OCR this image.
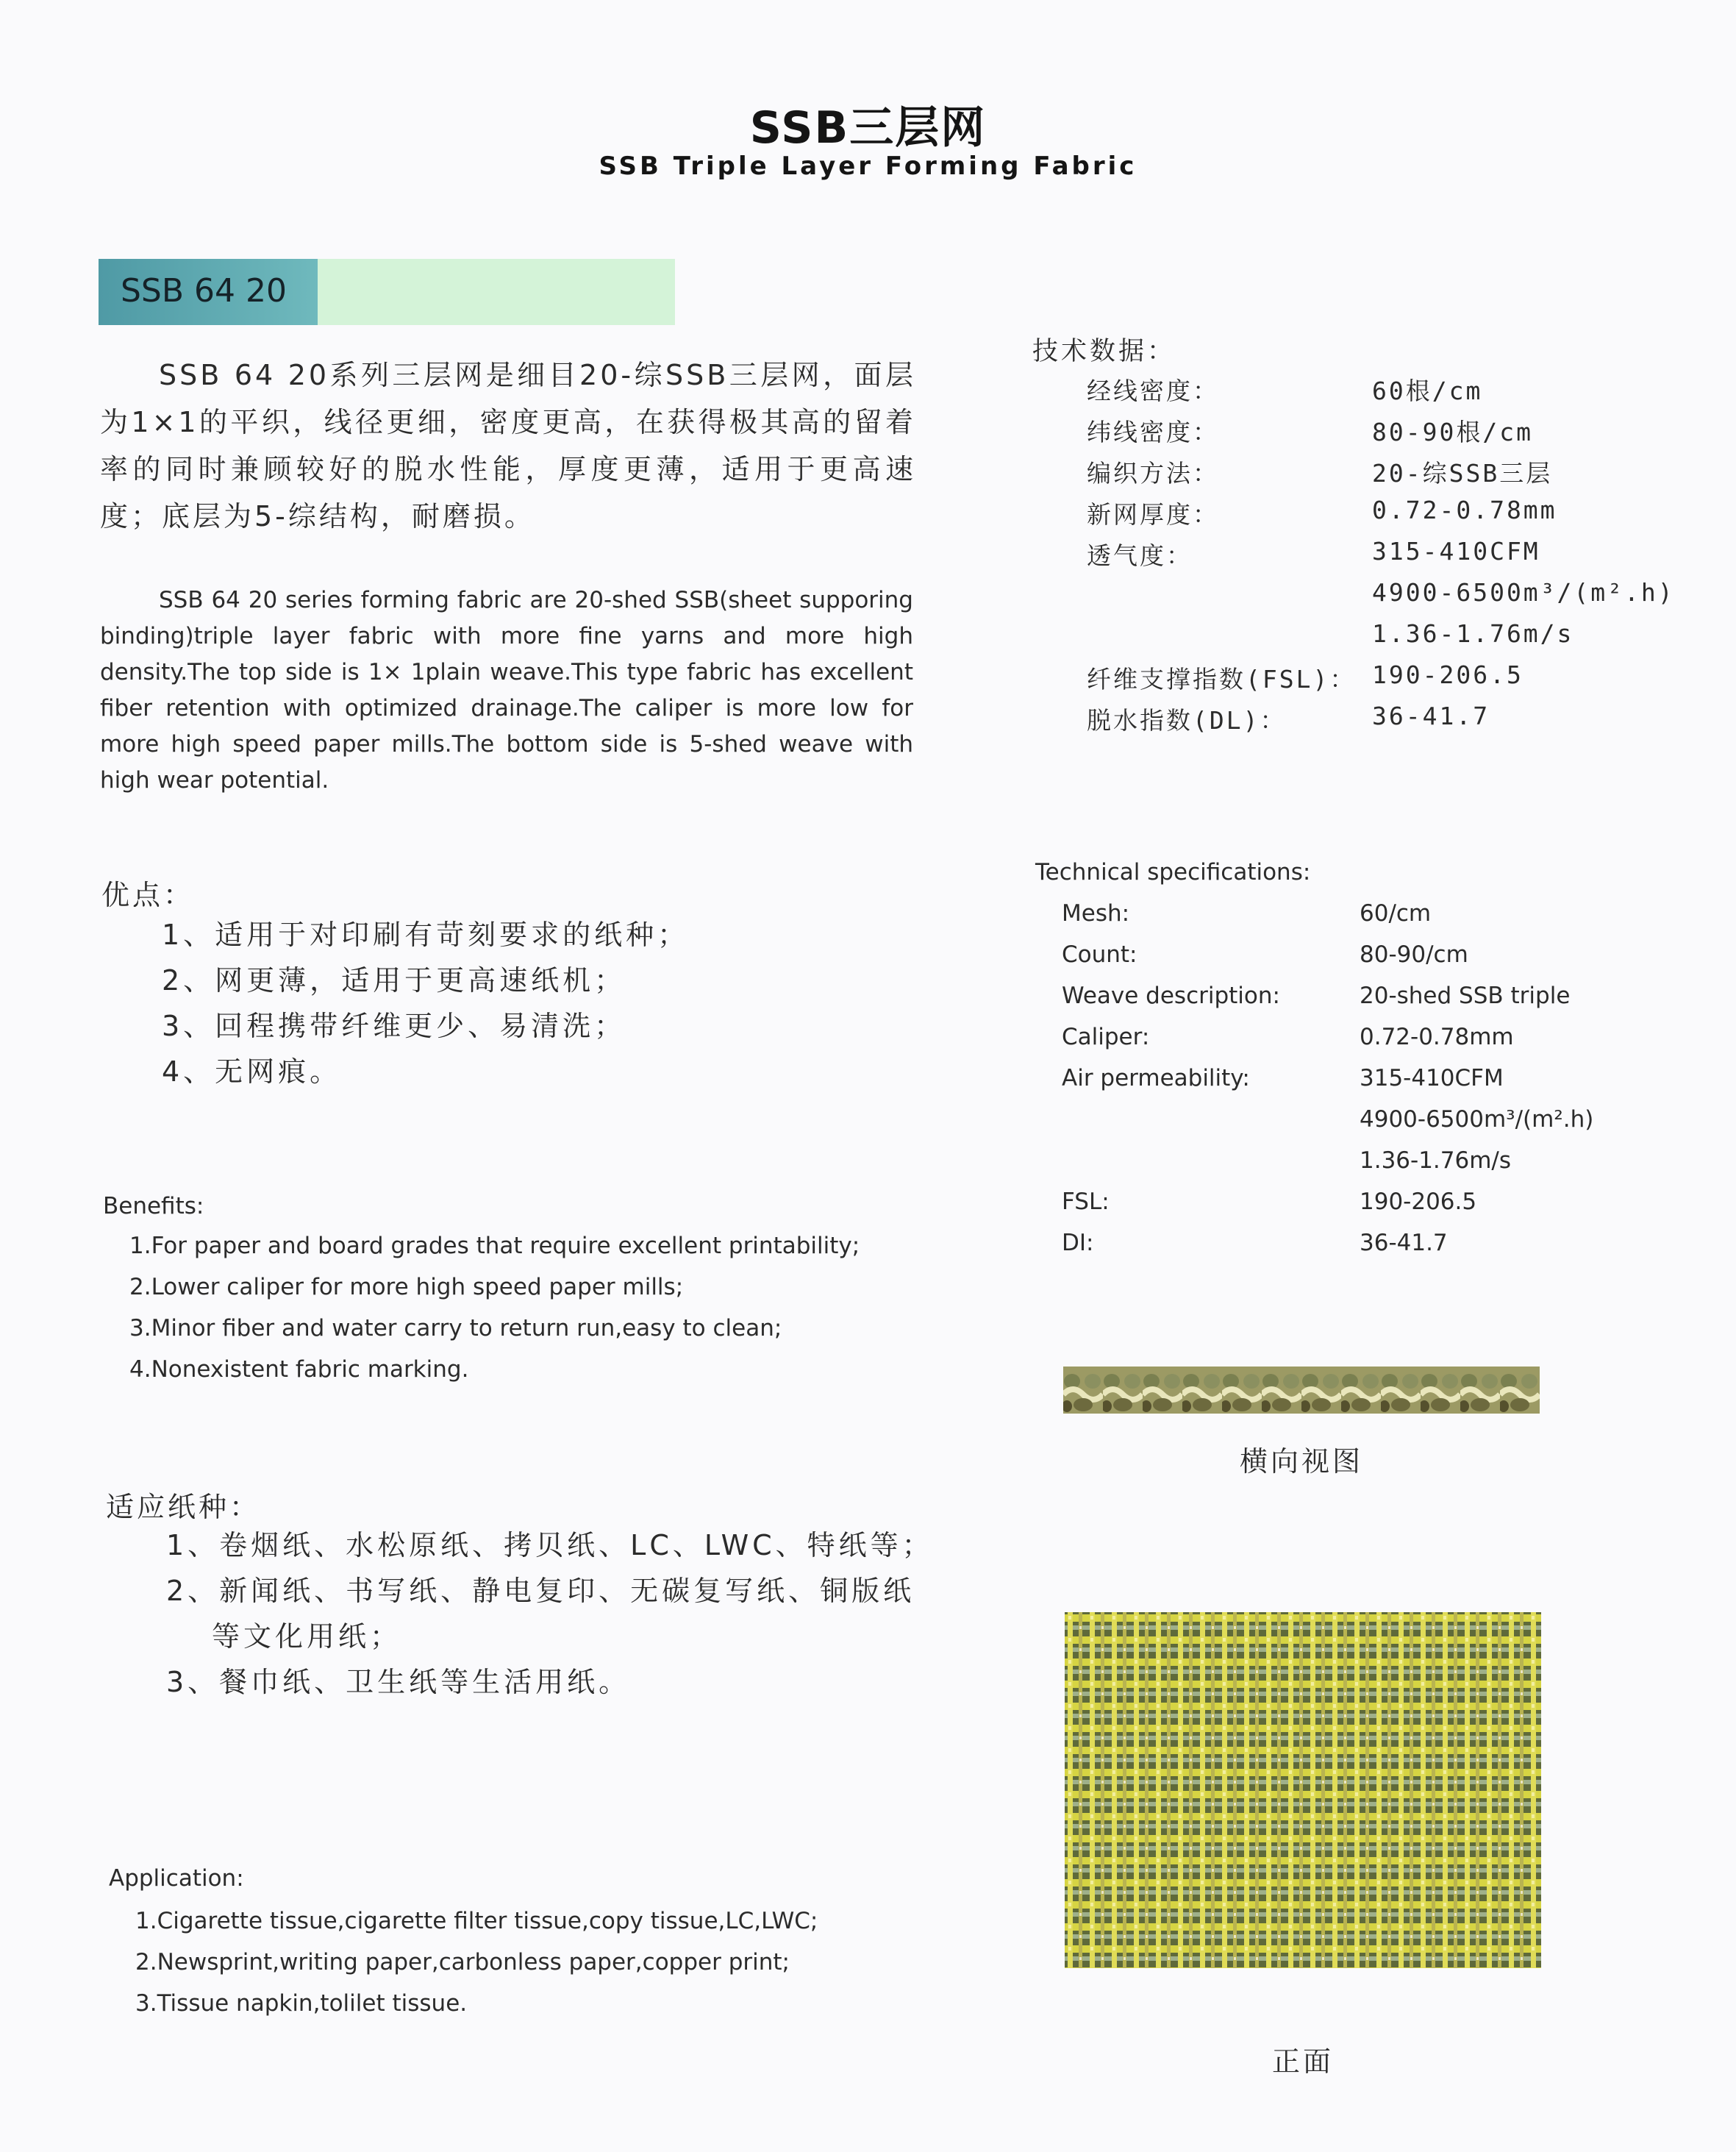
SSB三层网
SSB Triple Layer Forming Fabric
SSB 64 20
SSB 64 20系列三层网是细目20-综SSB三层网，面层为1×1的平织，线径更细，密度更高，在获得极其高的留着率的同时兼顾较好的脱水性能，厚度更薄，适用于更高速度；底层为5-综结构，耐磨损。
SSB 64 20 series forming fabric are 20-shed SSB(sheet supporing binding)triple layer fabric with more fine yarns and more high density.The top side is 1× 1plain weave.This type fabric has excellent fiber retention with optimized drainage.The caliper is more low for more high speed paper mills.The bottom side is 5-shed weave with high wear potential.
优点：
1、适用于对印刷有苛刻要求的纸种；
2、网更薄，适用于更高速纸机；
3、回程携带纤维更少、易清洗；
4、无网痕。
Benefits:
1.For paper and board grades that require excellent printability;
2.Lower caliper for more high speed paper mills;
3.Minor fiber and water carry to return run,easy to clean;
4.Nonexistent fabric marking.
适应纸种：
1、卷烟纸、水松原纸、拷贝纸、LC、LWC、特纸等；
2、新闻纸、书写纸、静电复印、无碳复写纸、铜版纸
等文化用纸；
3、餐巾纸、卫生纸等生活用纸。
Application:
1.Cigarette tissue,cigarette filter tissue,copy tissue,LC,LWC;
2.Newsprint,writing paper,carbonless paper,copper print;
3.Tissue napkin,tolilet tissue.
技术数据：
经线密度：	60根/cm
纬线密度：	80-90根/cm
编织方法：	20-综SSB三层
新网厚度：	0.72-0.78mm
透气度：	315-410CFM
	4900-6500m³/(m².h)
	1.36-1.76m/s
纤维支撑指数(FSL)：	190-206.5
脱水指数(DL)：	36-41.7
Technical specifications:
Mesh:	60/cm
Count:	80-90/cm
Weave description:	20-shed SSB triple
Caliper:	0.72-0.78mm
Air permeability:	315-410CFM
	4900-6500m³/(m².h)
	1.36-1.76m/s
FSL:	190-206.5
DI:	36-41.7
横向视图
正面
